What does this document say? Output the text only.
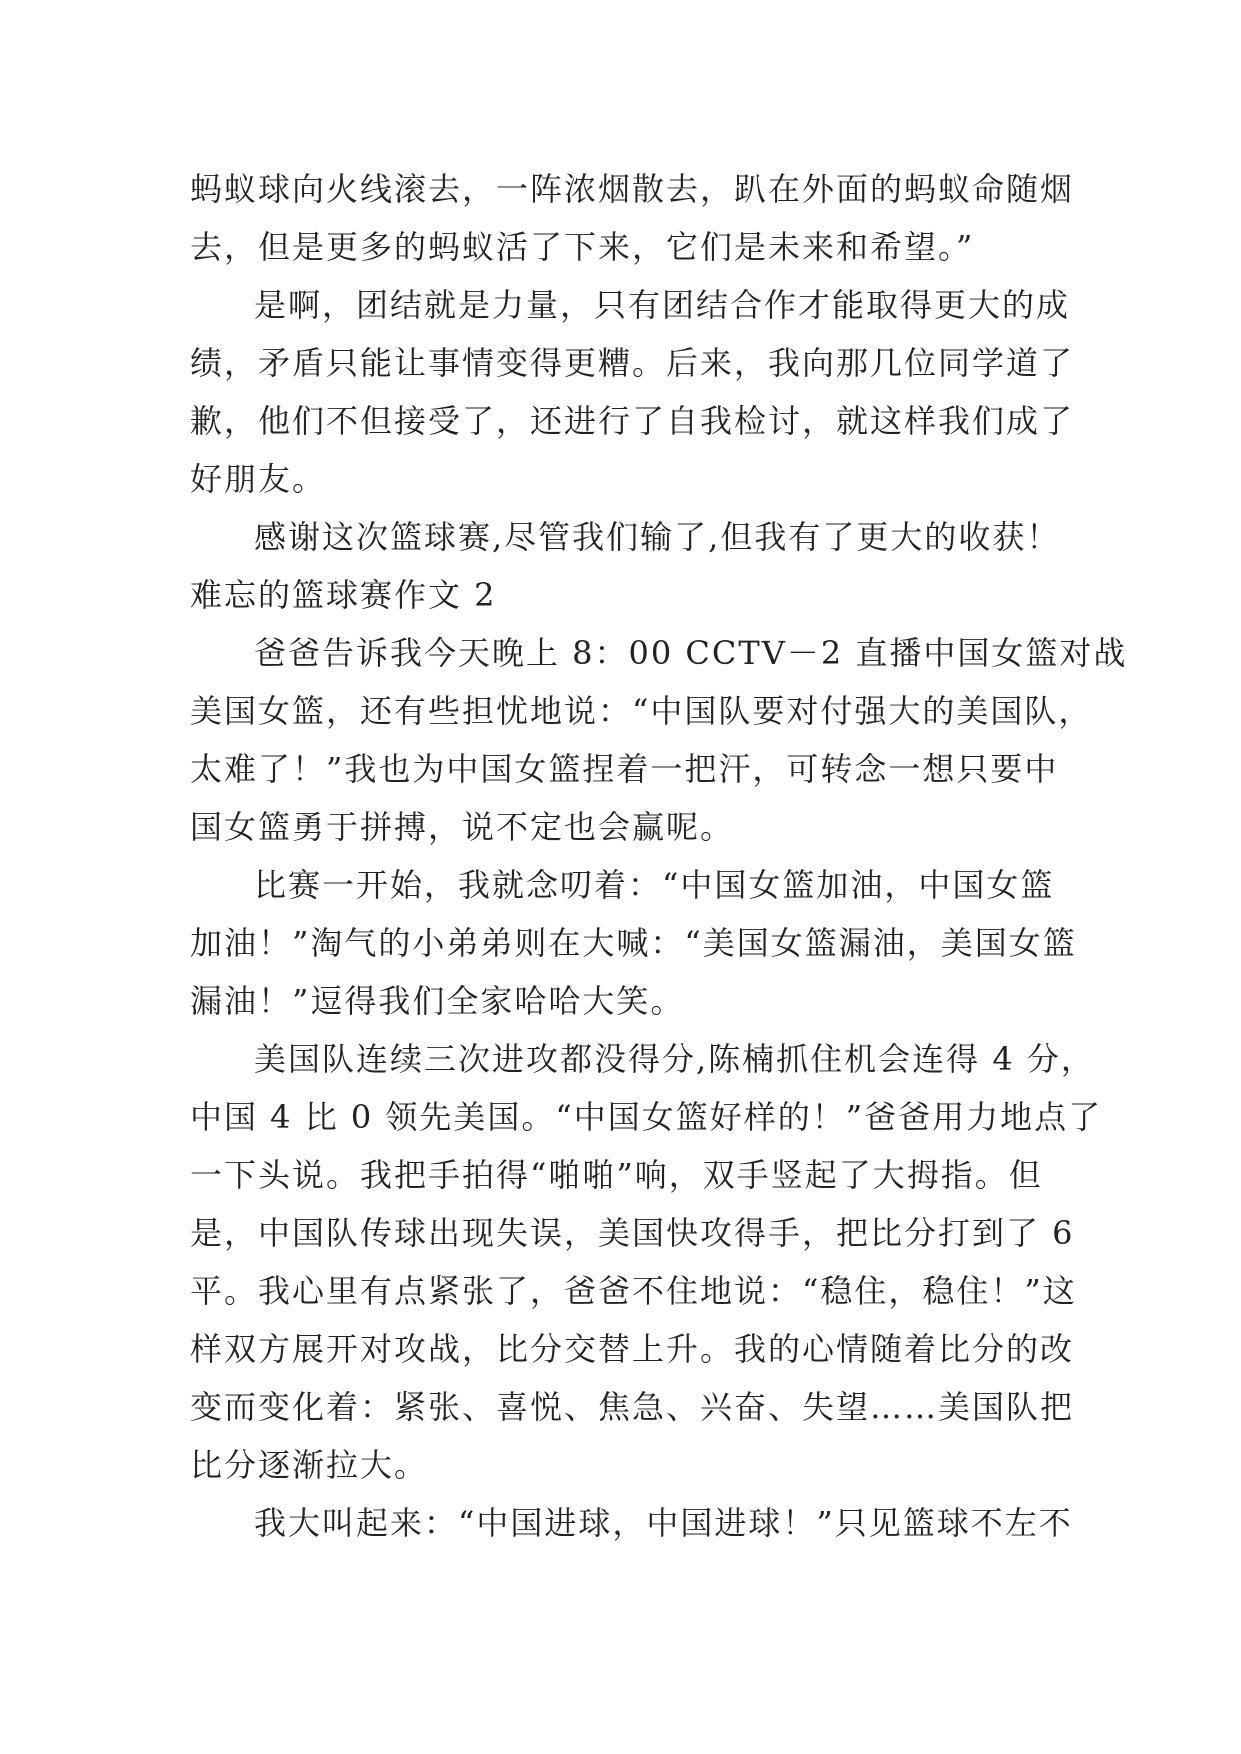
蚂蚁球向火线滚去，一阵浓烟散去，趴在外面的蚂蚁命随烟
去，但是更多的蚂蚁活了下来，它们是未来和希望。”
是啊，团结就是力量，只有团结合作才能取得更大的成
绩，矛盾只能让事情变得更糟。后来，我向那几位同学道了
歉，他们不但接受了，还进行了自我检讨，就这样我们成了
好朋友。
感谢这次篮球赛,尽管我们输了,但我有了更大的收获！
难忘的篮球赛作文 2
爸爸告诉我今天晚上 8：00 CCTV－2 直播中国女篮对战
美国女篮，还有些担忧地说：“中国队要对付强大的美国队，
太难了！”我也为中国女篮捏着一把汗，可转念一想只要中
国女篮勇于拼搏，说不定也会赢呢。
比赛一开始，我就念叨着：“中国女篮加油，中国女篮
加油！”淘气的小弟弟则在大喊：“美国女篮漏油，美国女篮
漏油！”逗得我们全家哈哈大笑。
美国队连续三次进攻都没得分,陈楠抓住机会连得 4 分，
中国 4 比 0 领先美国。“中国女篮好样的！”爸爸用力地点了
一下头说。我把手拍得“啪啪”响，双手竖起了大拇指。但
是，中国队传球出现失误，美国快攻得手，把比分打到了 6
平。我心里有点紧张了，爸爸不住地说：“稳住，稳住！”这
样双方展开对攻战，比分交替上升。我的心情随着比分的改
变而变化着：紧张、喜悦、焦急、兴奋、失望……美国队把
比分逐渐拉大。
我大叫起来：“中国进球，中国进球！”只见篮球不左不
